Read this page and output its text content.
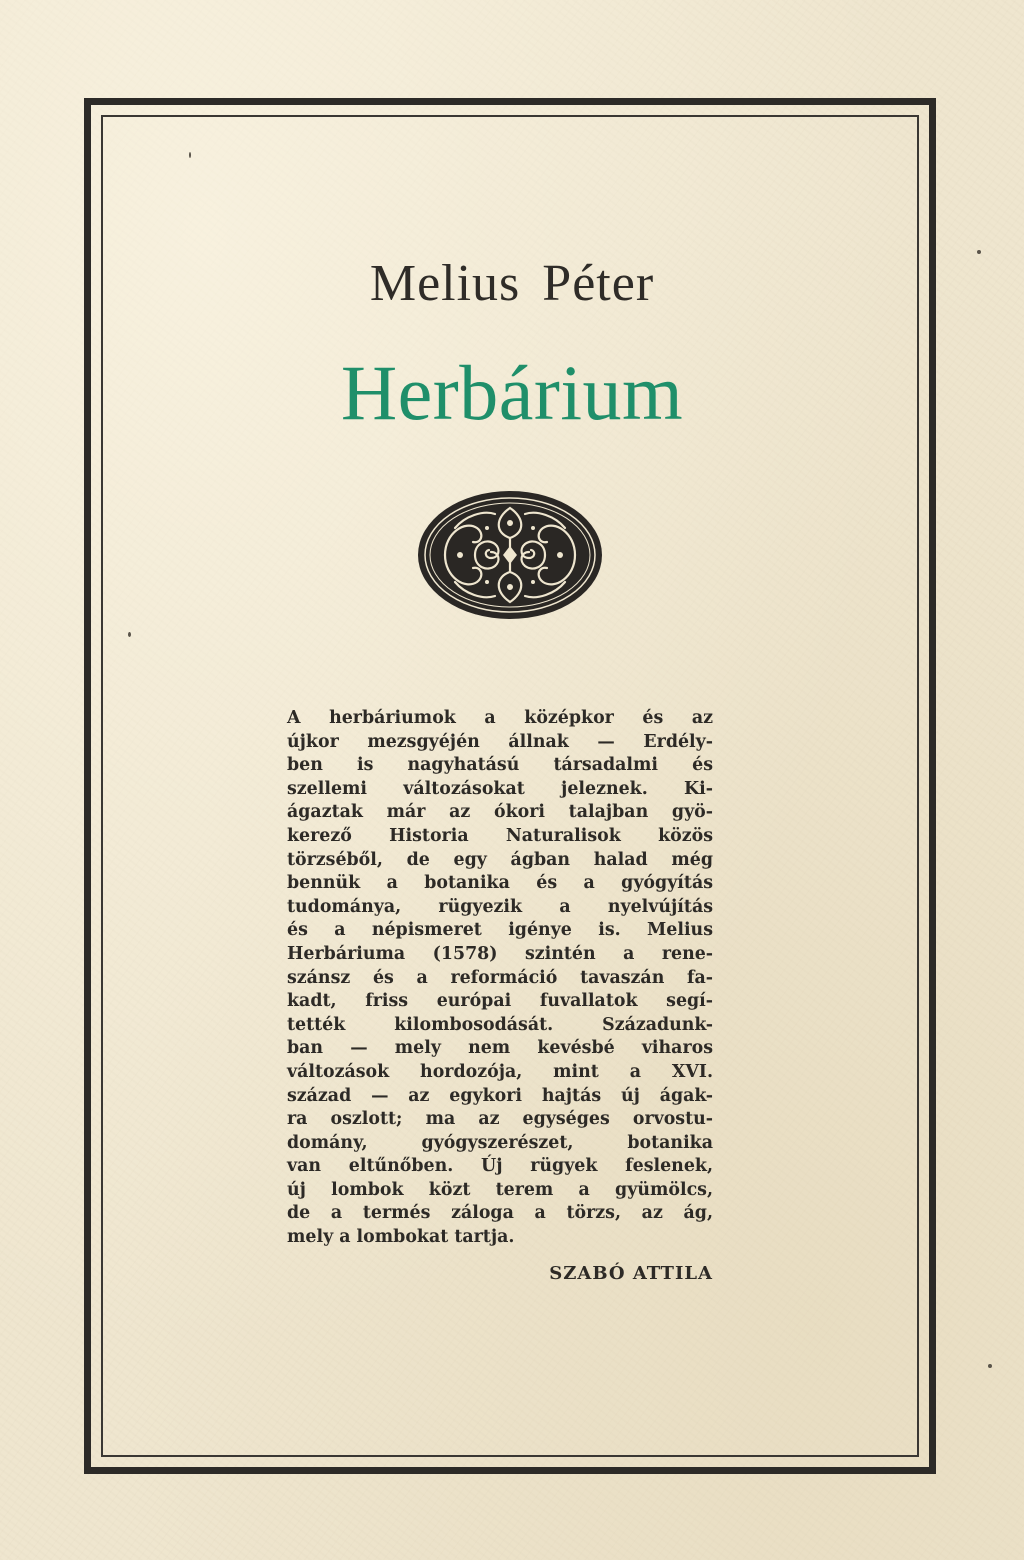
Melius Péter
Herbárium
A herbáriumok a középkor és az
újkor mezsgyéjén állnak — Erdély-
ben is nagyhatású társadalmi és
szellemi változásokat jeleznek. Ki-
ágaztak már az ókori talajban gyö-
kerező Historia Naturalisok közös
törzséből, de egy ágban halad még
bennük a botanika és a gyógyítás
tudománya, rügyezik a nyelvújítás
és a népismeret igénye is. Melius
Herbáriuma (1578) szintén a rene-
szánsz és a reformáció tavaszán fa-
kadt, friss európai fuvallatok segí-
tették kilombosodását. Századunk-
ban — mely nem kevésbé viharos
változások hordozója, mint a XVI.
század — az egykori hajtás új ágak-
ra oszlott; ma az egységes orvostu-
domány, gyógyszerészet, botanika
van eltűnőben. Új rügyek feslenek,
új lombok közt terem a gyümölcs,
de a termés záloga a törzs, az ág,
mely a lombokat tartja.
SZABÓ ATTILA
